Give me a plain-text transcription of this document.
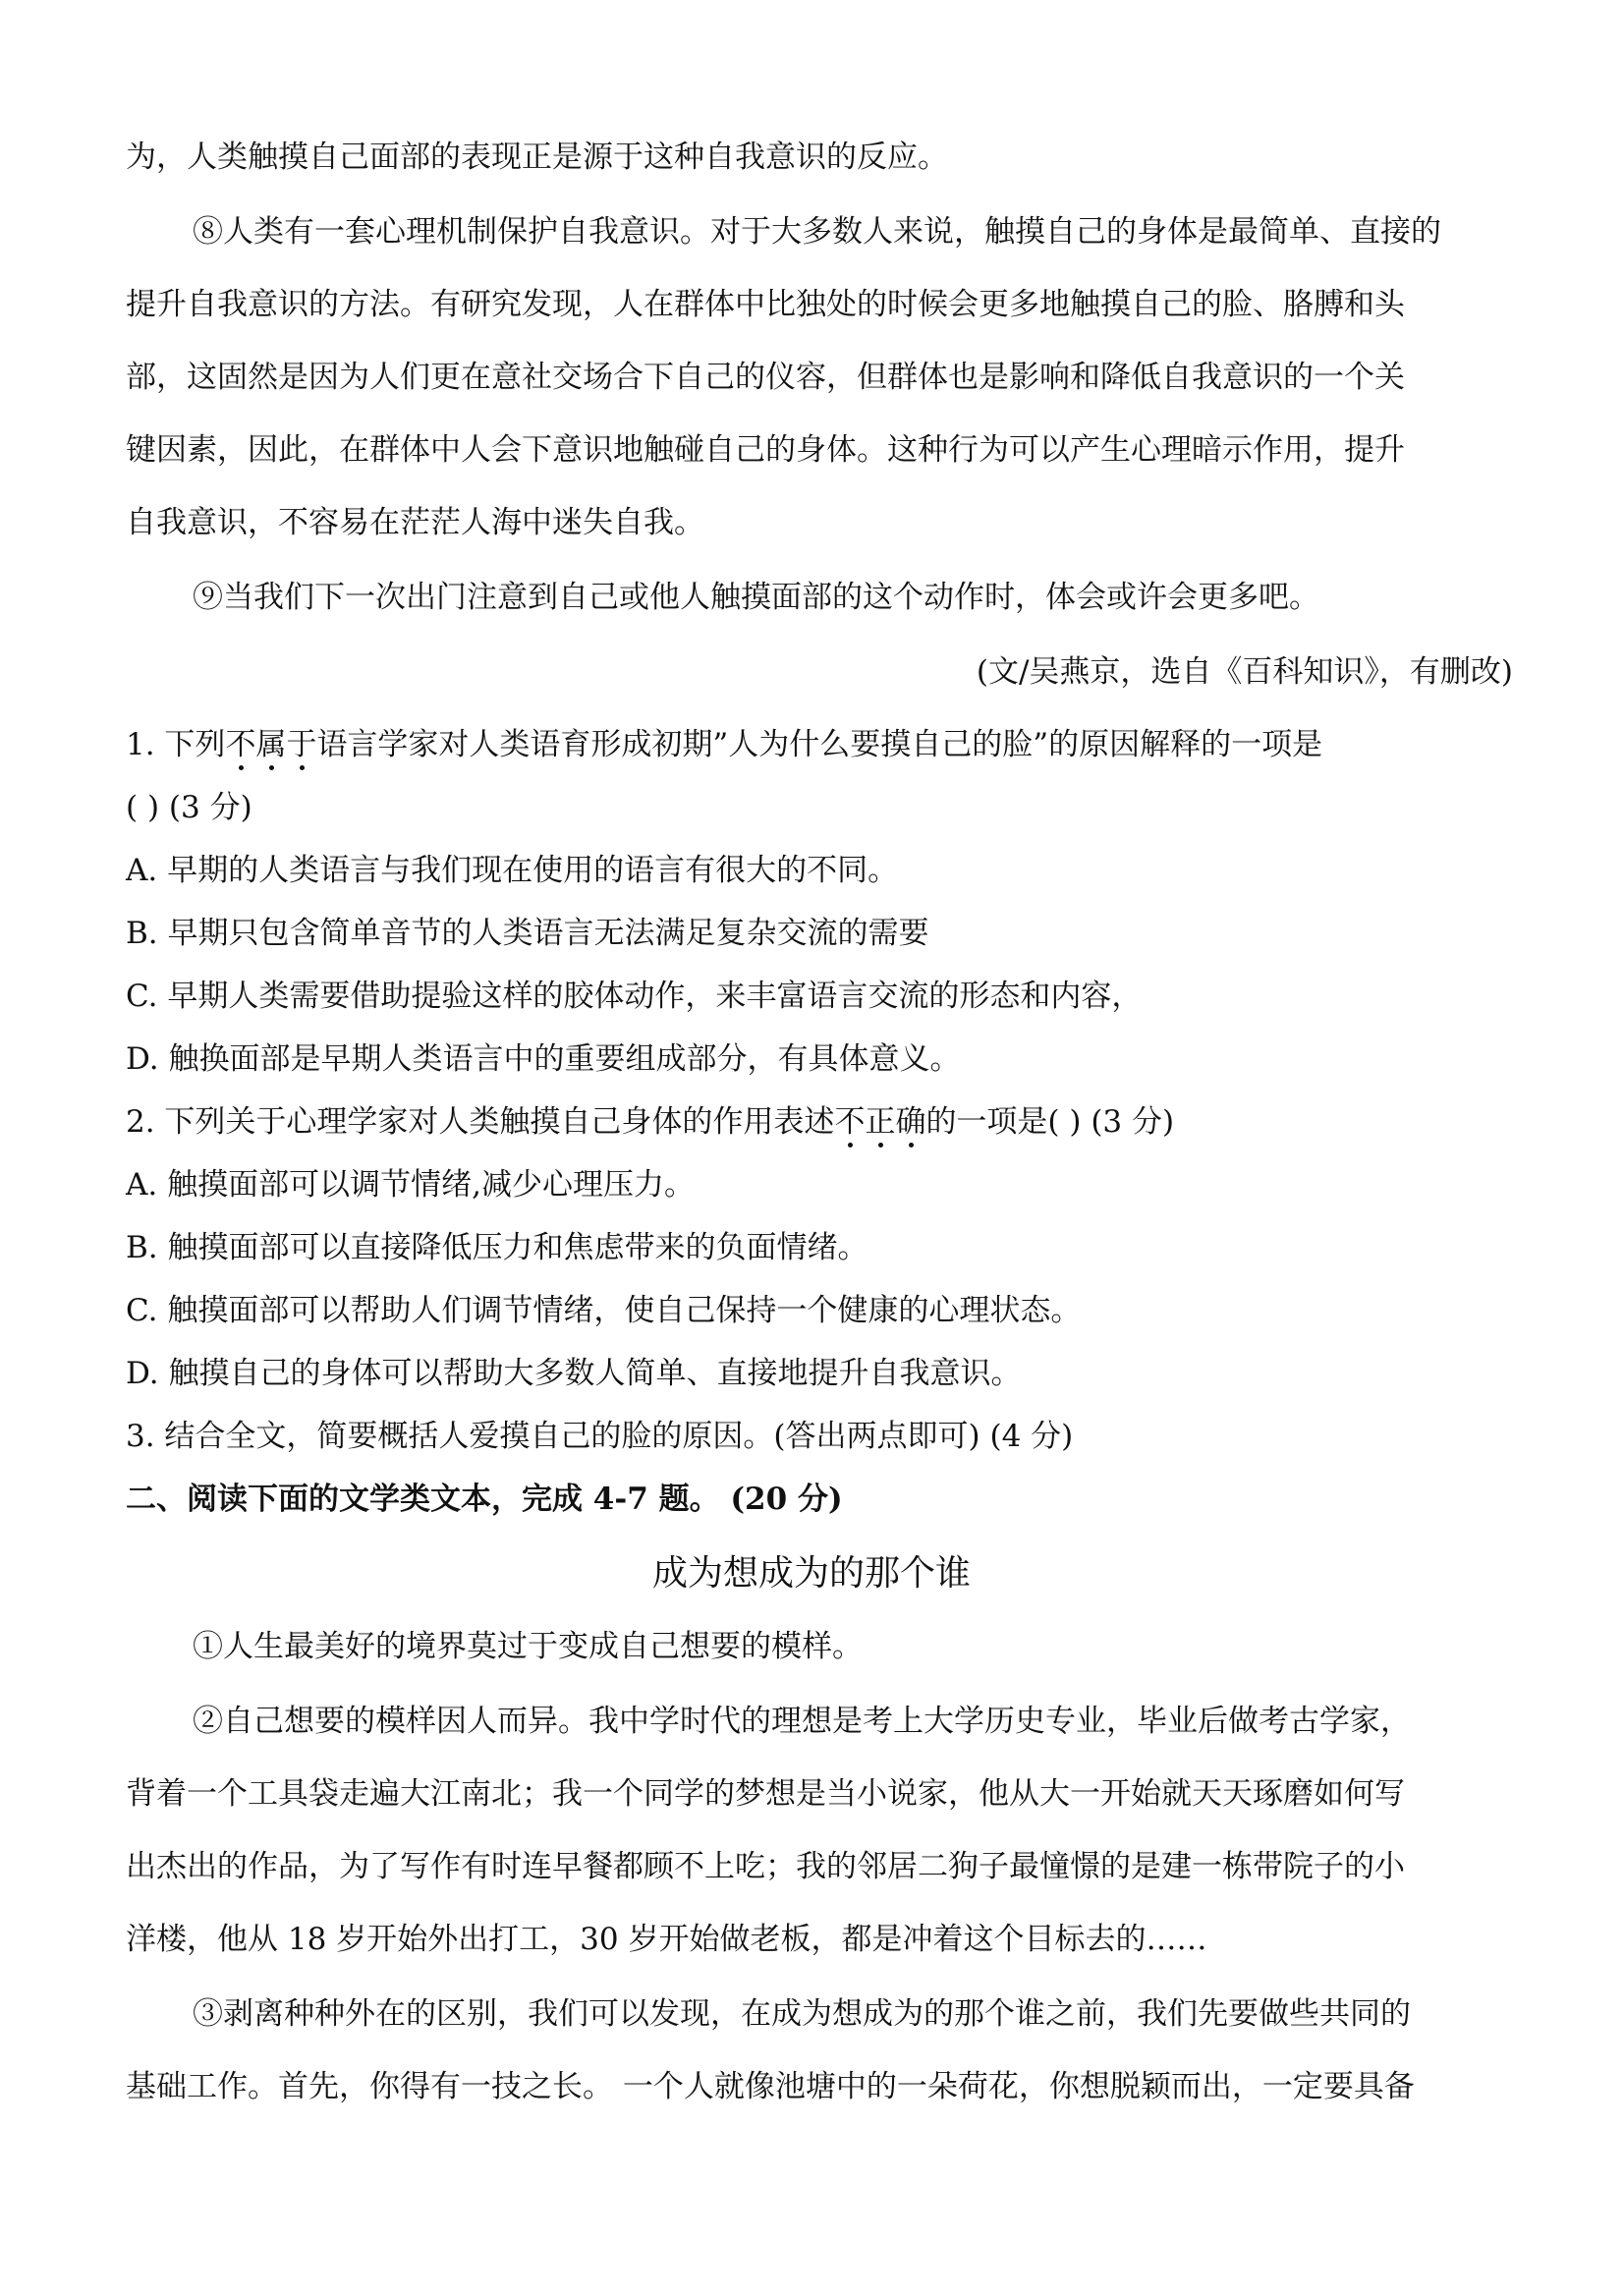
为，人类触摸自己面部的表现正是源于这种自我意识的反应。
⑧人类有一套心理机制保护自我意识。对于大多数人来说，触摸自己的身体是最简单、直接的
提升自我意识的方法。有研究发现，人在群体中比独处的时候会更多地触摸自己的脸、胳膊和头
部，这固然是因为人们更在意社交场合下自己的仪容，但群体也是影响和降低自我意识的一个关
键因素，因此，在群体中人会下意识地触碰自己的身体。这种行为可以产生心理暗示作用，提升
自我意识，不容易在茫茫人海中迷失自我。
⑨当我们下一次出门注意到自己或他人触摸面部的这个动作时，体会或许会更多吧。
(文/吴燕京，选自《百科知识》，有删改)
1. 下列不属于语言学家对人类语育形成初期”人为什么要摸自己的脸”的原因解释的一项是
( ) (3 分)
A. 早期的人类语言与我们现在使用的语言有很大的不同。
B. 早期只包含简单音节的人类语言无法满足复杂交流的需要
C. 早期人类需要借助提验这样的胶体动作，来丰富语言交流的形态和内容，
D. 触换面部是早期人类语言中的重要组成部分，有具体意义。
2. 下列关于心理学家对人类触摸自己身体的作用表述不正确的一项是( ) (3 分)
A. 触摸面部可以调节情绪,减少心理压力。
B. 触摸面部可以直接降低压力和焦虑带来的负面情绪。
C. 触摸面部可以帮助人们调节情绪，使自己保持一个健康的心理状态。
D. 触摸自己的身体可以帮助大多数人简单、直接地提升自我意识。
3. 结合全文，简要概括人爱摸自己的脸的原因。(答出两点即可) (4 分)
二、阅读下面的文学类文本，完成 4-7 题。 (20 分)
成为想成为的那个谁
①人生最美好的境界莫过于变成自己想要的模样。
②自己想要的模样因人而异。我中学时代的理想是考上大学历史专业，毕业后做考古学家，
背着一个工具袋走遍大江南北；我一个同学的梦想是当小说家，他从大一开始就天天琢磨如何写
出杰出的作品，为了写作有时连早餐都顾不上吃；我的邻居二狗子最憧憬的是建一栋带院子的小
洋楼，他从 18 岁开始外出打工，30 岁开始做老板，都是冲着这个目标去的……
③剥离种种外在的区别，我们可以发现，在成为想成为的那个谁之前，我们先要做些共同的
基础工作。首先，你得有一技之长。 一个人就像池塘中的一朵荷花，你想脱颖而出，一定要具备
